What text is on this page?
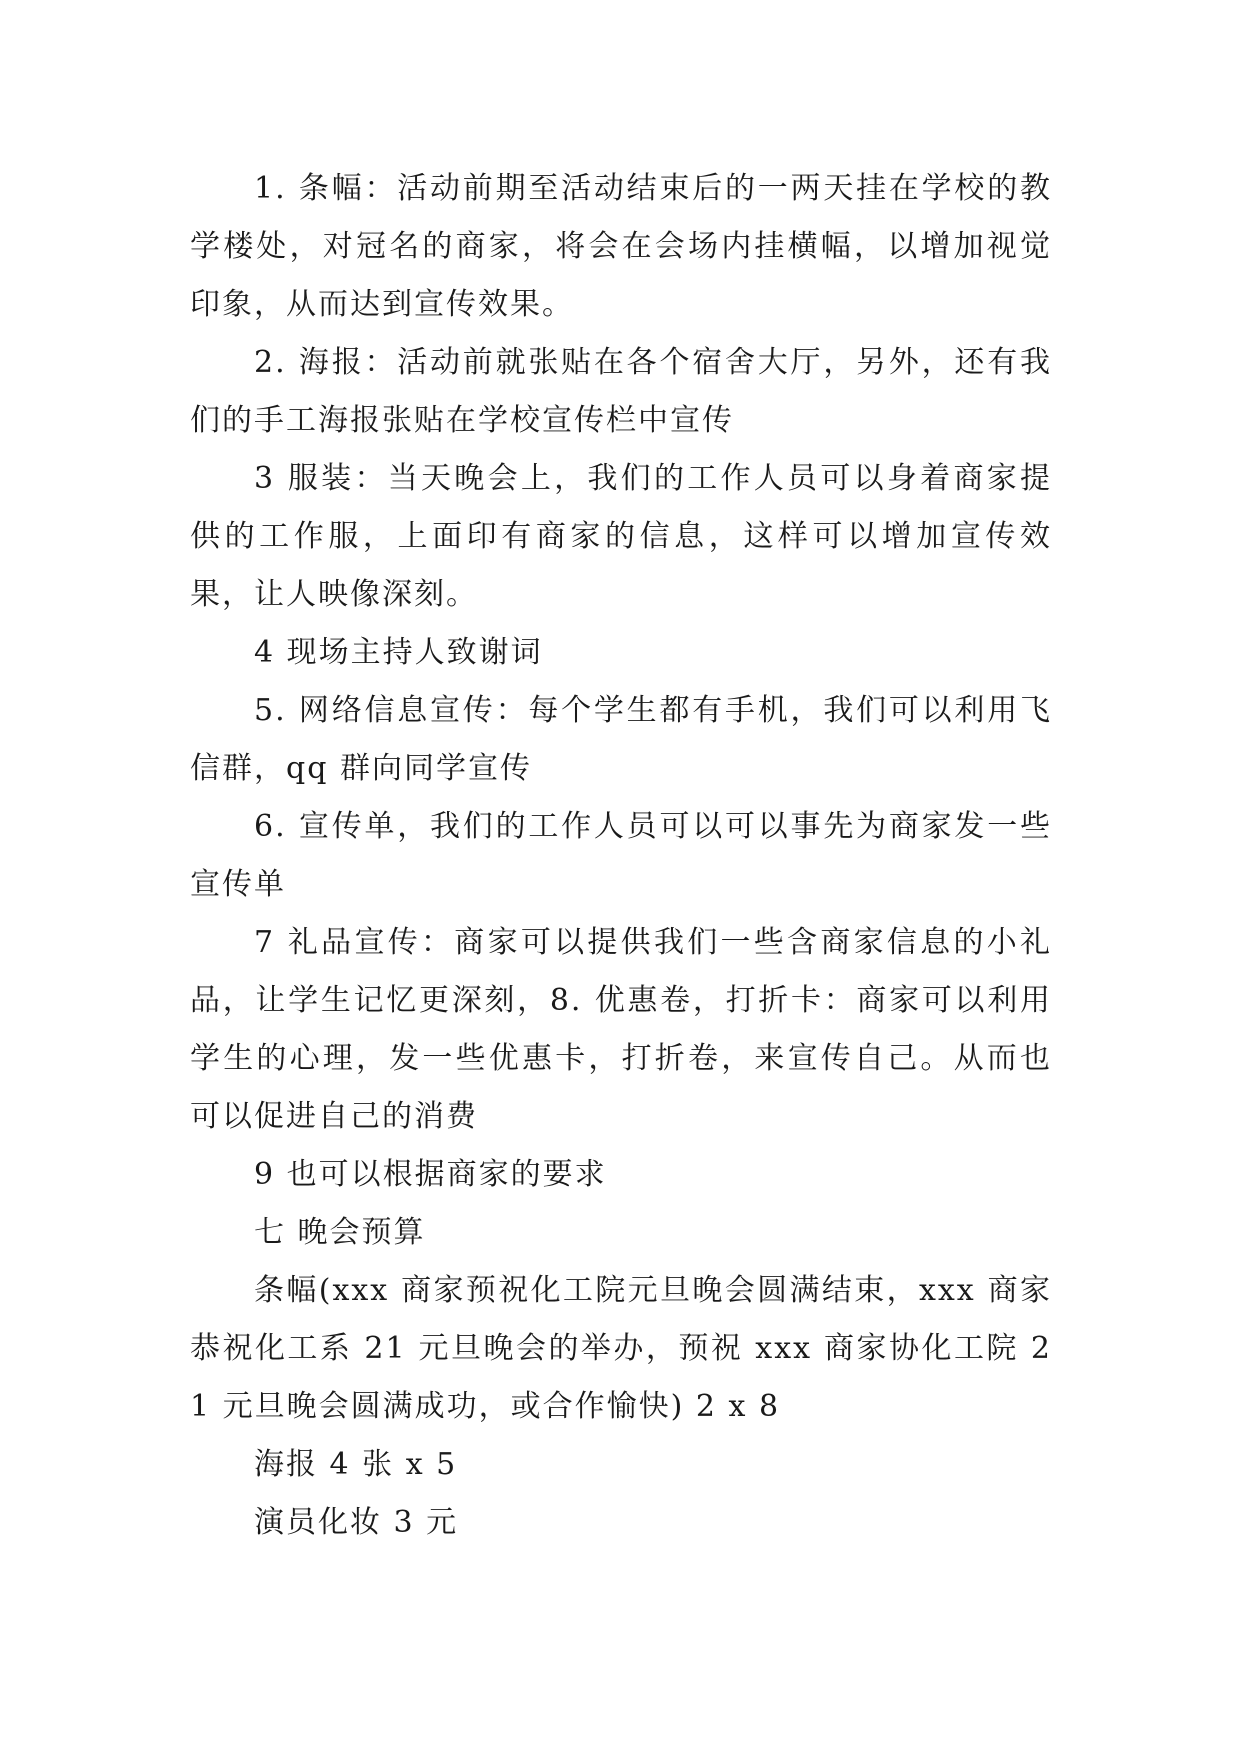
1. 条幅：活动前期至活动结束后的一两天挂在学校的教学楼处，对冠名的商家，将会在会场内挂横幅，以增加视觉印象，从而达到宣传效果。

2. 海报：活动前就张贴在各个宿舍大厅，另外，还有我们的手工海报张贴在学校宣传栏中宣传

3 服装：当天晚会上，我们的工作人员可以身着商家提供的工作服，上面印有商家的信息，这样可以增加宣传效果，让人映像深刻。

4 现场主持人致谢词

5. 网络信息宣传：每个学生都有手机，我们可以利用飞信群，qq 群向同学宣传

6. 宣传单，我们的工作人员可以可以事先为商家发一些宣传单

7 礼品宣传：商家可以提供我们一些含商家信息的小礼品，让学生记忆更深刻，8. 优惠卷，打折卡：商家可以利用学生的心理，发一些优惠卡，打折卷，来宣传自己。从而也可以促进自己的消费

9 也可以根据商家的要求

七 晚会预算

条幅(xxx 商家预祝化工院元旦晚会圆满结束，xxx 商家恭祝化工系 21 元旦晚会的举办，预祝 xxx 商家协化工院 21 元旦晚会圆满成功，或合作愉快) 2 x 8

海报 4 张 x 5

演员化妆 3 元
